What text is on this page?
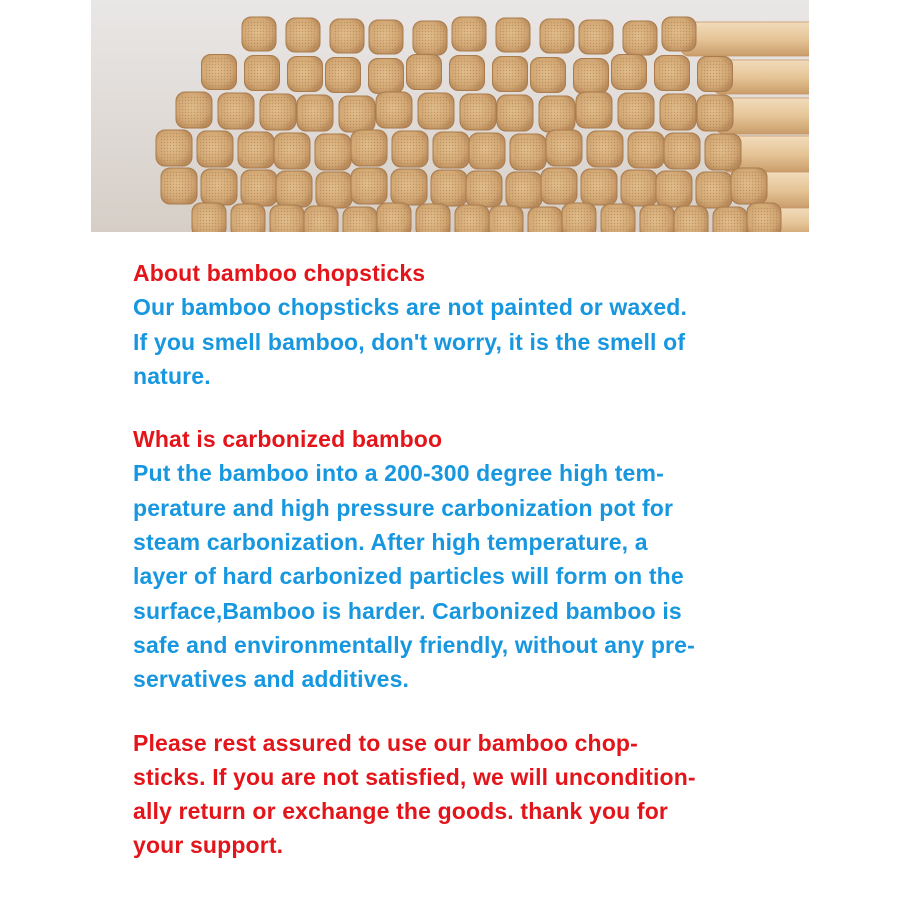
About bamboo chopsticks
Our bamboo chopsticks are not painted or waxed.
If you smell bamboo, don't worry, it is the smell of
nature.
What is carbonized bamboo
Put the bamboo into a 200-300 degree high tem-
perature and high pressure carbonization pot for
steam carbonization. After high temperature, a
layer of hard carbonized particles will form on the
surface,Bamboo is harder. Carbonized bamboo is
safe and environmentally friendly, without any pre-
servatives and additives.
Please rest assured to use our bamboo chop-
sticks. If you are not satisfied, we will uncondition-
ally return or exchange the goods. thank you for
your support.
